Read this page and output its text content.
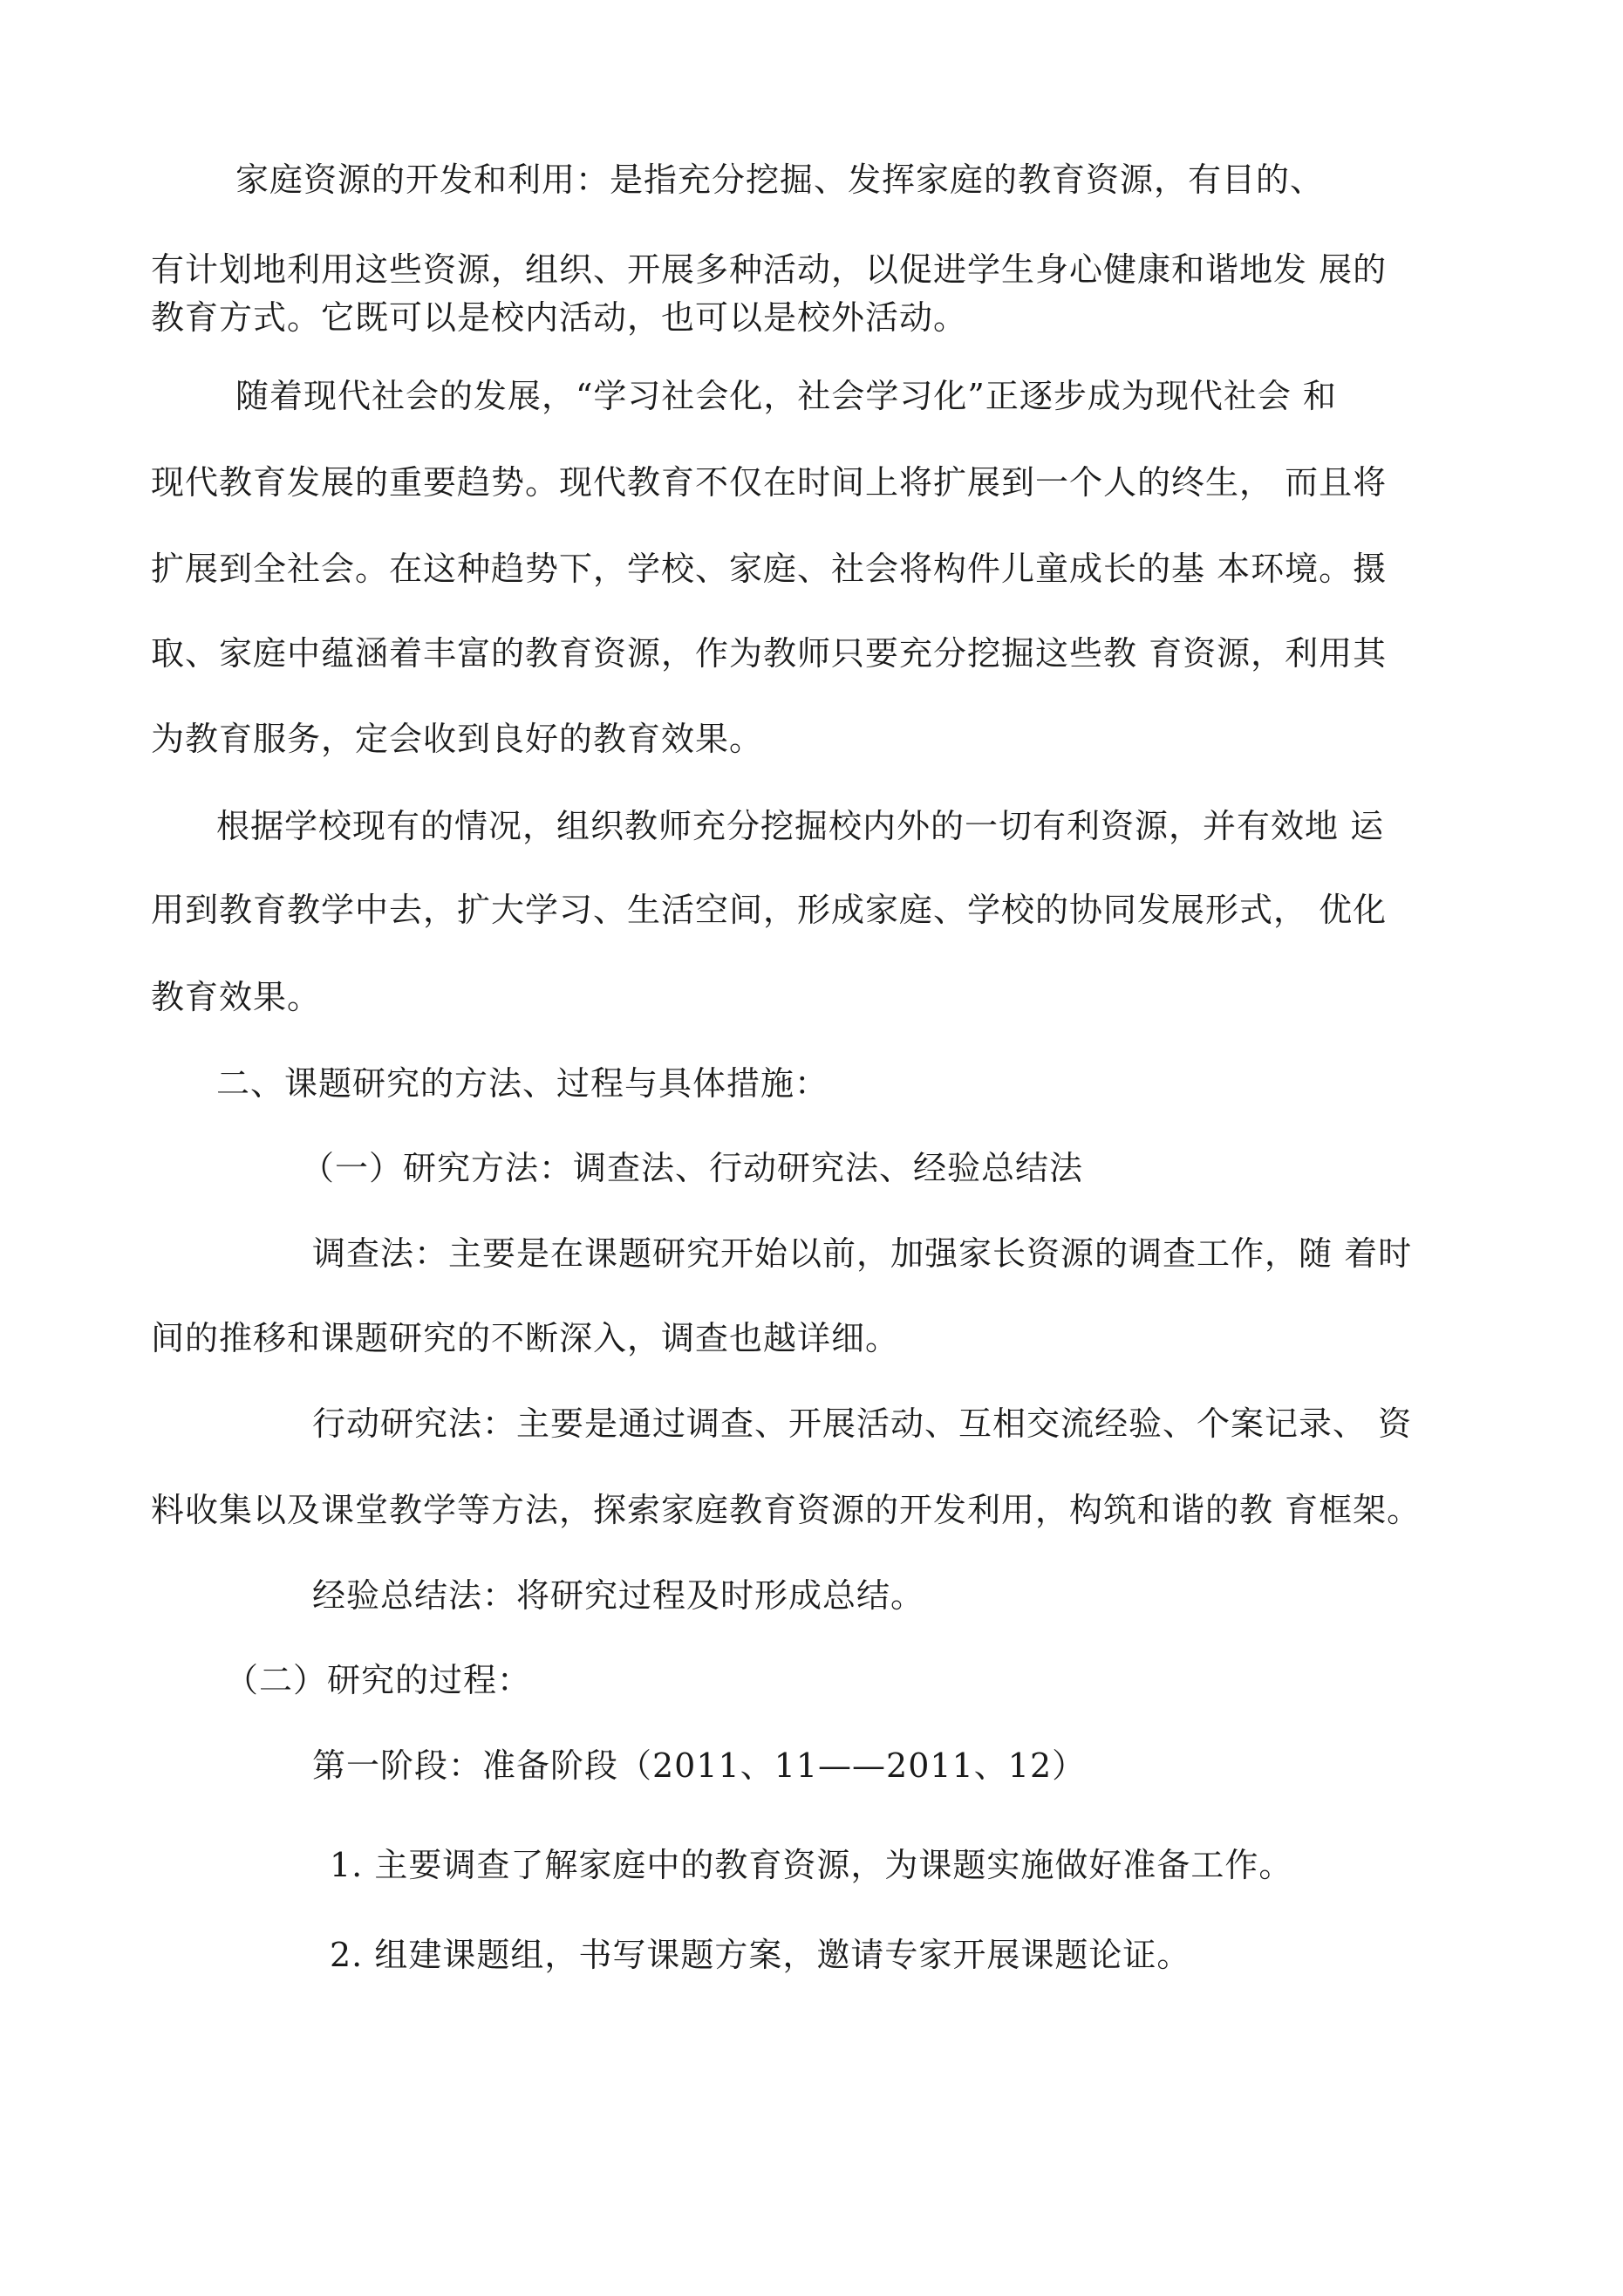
家庭资源的开发和利用：是指充分挖掘、发挥家庭的教育资源，有目的、

有计划地利用这些资源，组织、开展多种活动，以促进学生身心健康和谐地发 展的

教育方式。它既可以是校内活动，也可以是校外活动。

随着现代社会的发展，“学习社会化，社会学习化”正逐步成为现代社会 和

现代教育发展的重要趋势。现代教育不仅在时间上将扩展到一个人的终生， 而且将

扩展到全社会。在这种趋势下，学校、家庭、社会将构件儿童成长的基 本环境。摄

取、家庭中蕴涵着丰富的教育资源，作为教师只要充分挖掘这些教 育资源，利用其

为教育服务，定会收到良好的教育效果。

根据学校现有的情况，组织教师充分挖掘校内外的一切有利资源，并有效地 运

用到教育教学中去，扩大学习、生活空间，形成家庭、学校的协同发展形式， 优化

教育效果。

二、课题研究的方法、过程与具体措施：

（一）研究方法：调查法、行动研究法、经验总结法

调查法：主要是在课题研究开始以前，加强家长资源的调查工作，随 着时

间的推移和课题研究的不断深入，调查也越详细。

行动研究法：主要是通过调查、开展活动、互相交流经验、个案记录、 资

料收集以及课堂教学等方法，探索家庭教育资源的开发利用，构筑和谐的教 育框架。

经验总结法：将研究过程及时形成总结。

（二）研究的过程：

第一阶段：准备阶段（2011、11——2011、12）

1. 主要调查了解家庭中的教育资源，为课题实施做好准备工作。

2. 组建课题组，书写课题方案，邀请专家开展课题论证。
